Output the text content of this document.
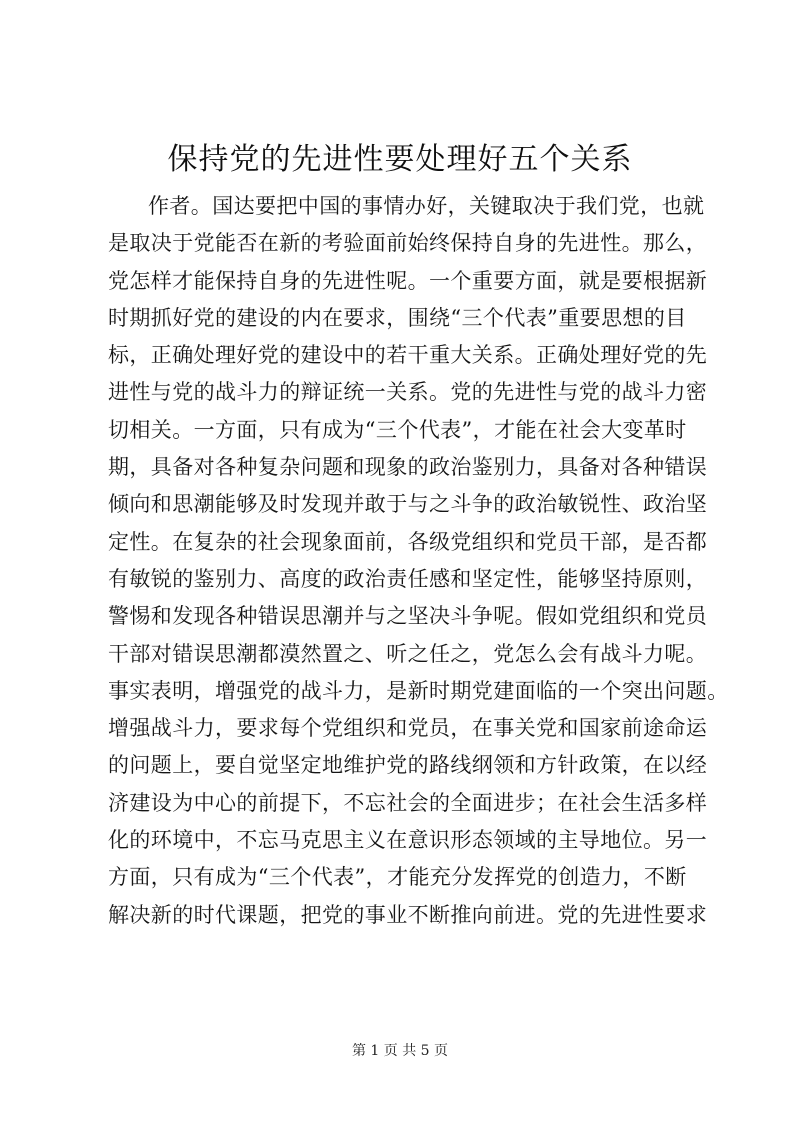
保持党的先进性要处理好五个关系
作者。国达要把中国的事情办好，关键取决于我们党，也就
是取决于党能否在新的考验面前始终保持自身的先进性。那么，
党怎样才能保持自身的先进性呢。一个重要方面，就是要根据新
时期抓好党的建设的内在要求，围绕“三个代表”重要思想的目
标，正确处理好党的建设中的若干重大关系。正确处理好党的先
进性与党的战斗力的辩证统一关系。党的先进性与党的战斗力密
切相关。一方面，只有成为“三个代表”，才能在社会大变革时
期，具备对各种复杂问题和现象的政治鉴别力，具备对各种错误
倾向和思潮能够及时发现并敢于与之斗争的政治敏锐性、政治坚
定性。在复杂的社会现象面前，各级党组织和党员干部，是否都
有敏锐的鉴别力、高度的政治责任感和坚定性，能够坚持原则，
警惕和发现各种错误思潮并与之坚决斗争呢。假如党组织和党员
干部对错误思潮都漠然置之、听之任之，党怎么会有战斗力呢。
事实表明，增强党的战斗力，是新时期党建面临的一个突出问题。
增强战斗力，要求每个党组织和党员，在事关党和国家前途命运
的问题上，要自觉坚定地维护党的路线纲领和方针政策，在以经
济建设为中心的前提下，不忘社会的全面进步；在社会生活多样
化的环境中，不忘马克思主义在意识形态领域的主导地位。另一
方面，只有成为“三个代表”，才能充分发挥党的创造力，不断
解决新的时代课题，把党的事业不断推向前进。党的先进性要求
第 1 页 共 5 页
